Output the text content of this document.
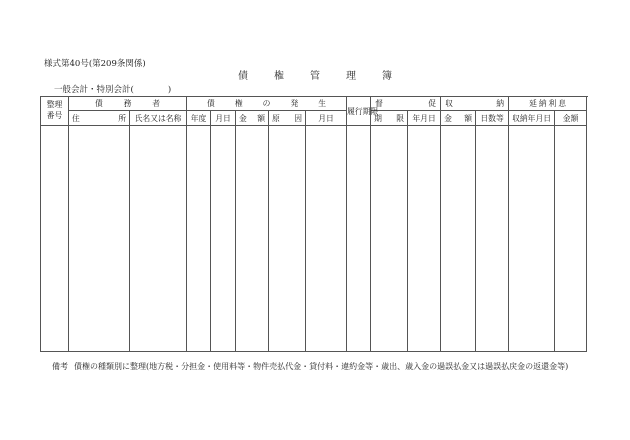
様式第40号(第209条関係)
債	権	管	理	簿
一般会計・特別会計(　　　　)
整理
番号	債 務 者		債 権 の 発 生					履行期限	督 促		収 納		延 納 利 息	

	住 所	氏名又は名称	年度	月日	金 額	原 因	月日		期 限	年月日	金 額	日数等	収納年月日	金額

備考 債権の種類別に整理(地方税・分担金・使用料等・物件売払代金・貸付料・違約金等・歳出、歳入金の過誤払金又は過誤払戻金の返還金等)
